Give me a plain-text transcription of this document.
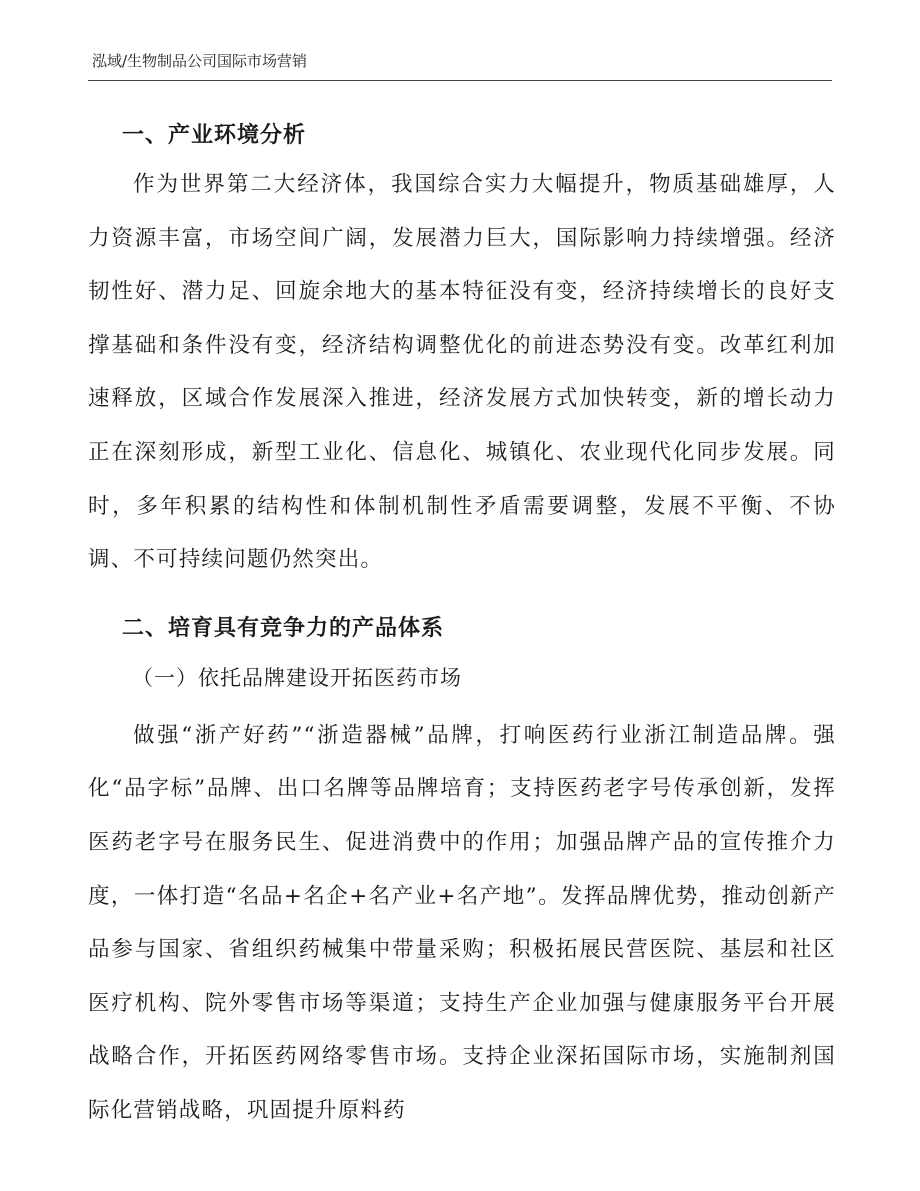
泓域/生物制品公司国际市场营销
一、产业环境分析

作为世界第二大经济体，我国综合实力大幅提升，物质基础雄厚，人力资源丰富，市场空间广阔，发展潜力巨大，国际影响力持续增强。经济韧性好、潜力足、回旋余地大的基本特征没有变，经济持续增长的良好支撑基础和条件没有变，经济结构调整优化的前进态势没有变。改革红利加速释放，区域合作发展深入推进，经济发展方式加快转变，新的增长动力正在深刻形成，新型工业化、信息化、城镇化、农业现代化同步发展。同时，多年积累的结构性和体制机制性矛盾需要调整，发展不平衡、不协调、不可持续问题仍然突出。

二、培育具有竞争力的产品体系
（一）依托品牌建设开拓医药市场

做强“浙产好药”“浙造器械”品牌，打响医药行业浙江制造品牌。强化“品字标”品牌、出口名牌等品牌培育；支持医药老字号传承创新，发挥医药老字号在服务民生、促进消费中的作用；加强品牌产品的宣传推介力度，一体打造“名品+名企+名产业+名产地”。发挥品牌优势，推动创新产品参与国家、省组织药械集中带量采购；积极拓展民营医院、基层和社区医疗机构、院外零售市场等渠道；支持生产企业加强与健康服务平台开展战略合作，开拓医药网络零售市场。支持企业深拓国际市场，实施制剂国际化营销战略，巩固提升原料药
